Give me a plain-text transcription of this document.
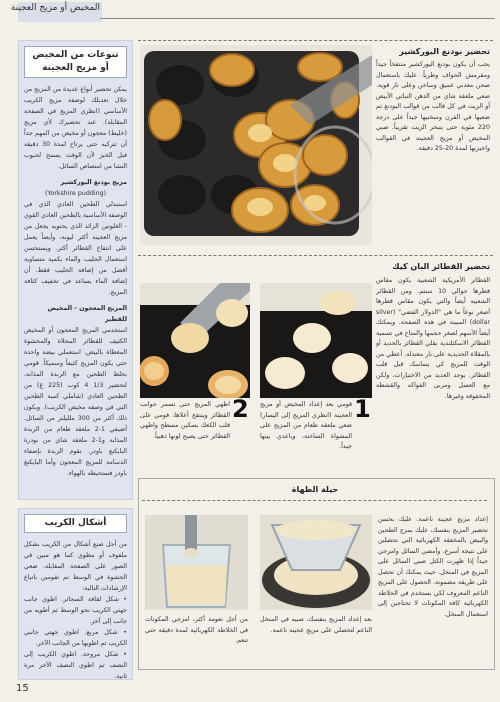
المخيض أو مزيج العجينة
تنوعات من المخيض أو مزيج العجينة
يمكن تحضير أنواع عديدة من المزيج من خلال تعديلك لوصفة مزيج الكريب الأساسي (انظري المزيج في الصفحة المقابلة). عند تحضيرك لأي مزيج (خليط) معجون أو مخيض من المهم جداً أن تتركيه حتى يرتاح لمدة 30 دقيقة قبل الخبز لأن الوقت يسمح لحبوب النشا من امتصاص السائل.
مزيج بودنغ اليوركشير
(Yorkshire pudding)
استبدلي الطحين العادي الذي في الوصفة الأساسية بالطحين العادي القوي - الغلوتين الزائد الذي يحتويه يجعل من مزيج العجينة أكثر ليونة، وأيضاً يعمل على انتفاخ القطائر أكثر. ويستحسن استعمال الحليب والماء بكمية متساوية أفضل من إضافة الحليب فقط. أن إضافة الماء يساعد في تخفيف كثافة المزيج.
المزيج المعجون - المخيض للقطير
استخدمي المزيج المعجون أو المخيض الكثيف للقطائر المحلاة والمحشوة المغطاة بالبيض. استعملي بيضة واحدة حتى يكون المزيج كثيفاً وسميكاً. قومي بخلط الطحين مع الزبدة المذابة، لتحضير 1/3 4 كوب (225 غ) من الطحين العادي (شاملي كمية الطحين التي في وصفة مخيض الكريب). ويكون ذلك أكثر من 300 ملليلتر من السائل. أضيفي 1-2 ملعقة طعام من الزبدة المذابة و1-2 ملعقة شاي من بودرة البايكنغ باودر. تقوم الزبدة بإضفاء الدسامة للمزيج المعجون وأما البايكنغ باودر فستحيطه بالهواء.
أشكال الكريب
من أجل صنع أشكال من الكريب بشكل ملفوف أو مطوي كما هو مبين في الصور على الصفحة المقابلة. ضعي الحشوة في الوسط ثم تقومين باتباع الإرشادات التالية:
• شكل لفافة السجائر. اطوي جانب جهتي الكريب نحو الوسط ثم أطويه من جانب إلى آخر.
• شكل مربع. اطوي جهتي جانبي الكريب ثم اطويها من الجانب الآخر.
• شكل مروحة. اطوي الكريب إلى النصف ثم اطوي النصف الآخر مرة ثانية.
تحضير بودنغ اليوركشير
يجب أن يكون بودنغ اليوركشير منتفخاً جيداً ومقرمش الحواف وطرياً. عليك باستعمال صحن معدني عميق وساخن وعلى نار قوية. ضعي ملعقة شاي من الدهن النباتي الأبيض أو الزيت في كل قالب من قوالب البودنغ ثم ضعيها في الفرن وسخنيها جيداً على درجة 220 مئوية حتى يتبخر الزيت تقريباً. صبي المخيض أو مزيج العجينة في القوالب واخبزيها لمدة 20-25 دقيقة.
تحضير القطائر البان كيك
القطائر الأمريكية الشعبية يكون مقاس قطرها حوالي 10 سنتم. ومن القطائر الشعبية أيضاً والتي يكون مقاس قطرها أصغر نوعاً ما هي "الدولار الفضي" (silver dollar) المبينة في هذه الصفحة. ويمكنك أيضاً الأسهم لصغر حجمها والمتاح في تسمية القطائر الاسكتلندية بقلي القطائر بالحديد أو بالمقلاة الحديدية على نار معتدلة. أعطي من الوقت للمزيج كي يتماسك قبل قلب القطائر. يوجد العديد من الاختيارات، ولكن مع العسل ومربى الفواكه والقشطة المخفوقة وغيرها.
2
اطهي المزيج حتى تسمر جوانب القطائر وينتفخ أعلاها، قومي على قلب الكعك بسكين مسطح واطهي القطائر حتى يصبح لونها ذهبياً.
1
قومي بعد إعداد المخيض أو مزيج العجينة (انظري المزيج إلى اليسار) ضعي ملعقة طعام من المزيج على المشواة الساخنة، وباعدي بينها جيداً.
حيلة الطهاة
من أجل نعومة أكثر، امزجي المكونات في الخلاطة الكهربائية لمدة دقيقة حتى تنعم.
بعد إعداد المزيج بنفسك، صبيه في المنخل الناعم لتحصلي على مزيج عجينة ناعمة.
إعداد مزيج عجينة ناعمة. عليك بحسن تحضير المزيج بنفسك، عليك بمزج الطحين والبيض بالمخفقة الكهربائية التي تحصلين على نتيجة أسرع، وأمضي السائل وامزجي جيداً إذا ظهرت الكتل صبي السائل على المزيج في المنخل. حيث يمكنك أن تحصل على طريقة مضمونة. الحصول على المزيج الناعم المعروف لكي يستخدم في الخلاطة الكهربائية كافة المكونات لا تحتاجين إلى استعمال المنخل.
15
